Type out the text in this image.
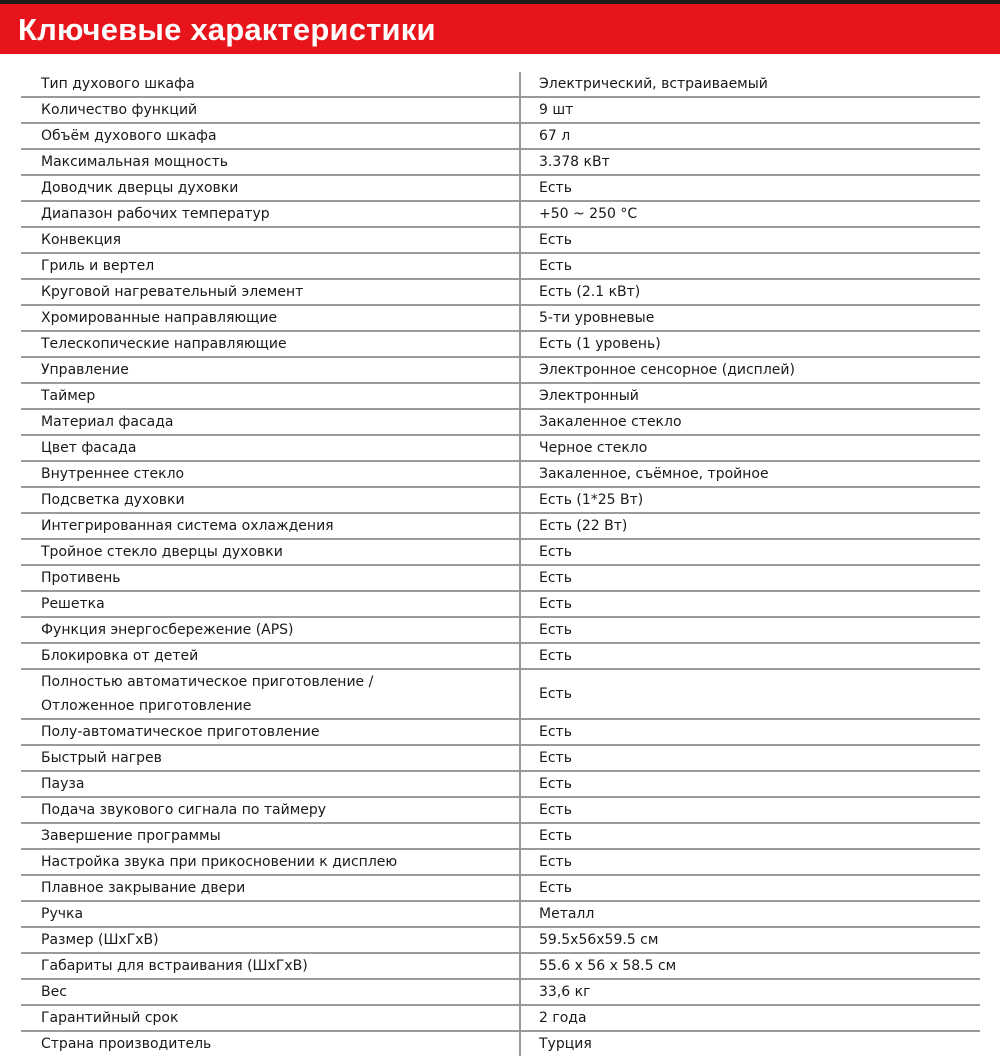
Ключевые характеристики
Тип духового шкафа	Электрический, встраиваемый

Количество функций	9 шт

Объём духового шкафа	67 л

Максимальная мощность	3.378 кВт

Доводчик дверцы духовки	Есть

Диапазон рабочих температур	+50 ~ 250 °C

Конвекция	Есть

Гриль и вертел	Есть

Круговой нагревательный элемент	Есть (2.1 кВт)

Хромированные направляющие	5-ти уровневые

Телескопические направляющие	Есть (1 уровень)

Управление	Электронное сенсорное (дисплей)

Таймер	Электронный

Материал фасада	Закаленное стекло

Цвет фасада	Черное стекло

Внутреннее стекло	Закаленное, съёмное, тройное

Подсветка духовки	Есть (1*25 Вт)

Интегрированная система охлаждения	Есть (22 Вт)

Тройное стекло дверцы духовки	Есть

Противень	Есть

Решетка	Есть

Функция энергосбережение (APS)	Есть

Блокировка от детей	Есть

Полностью автоматическое приготовление /
Отложенное приготовление	Есть

Полу-автоматическое приготовление	Есть

Быстрый нагрев	Есть

Пауза	Есть

Подача звукового сигнала по таймеру	Есть

Завершение программы	Есть

Настройка звука при прикосновении к дисплею	Есть

Плавное закрывание двери	Есть

Ручка	Металл

Размер (ШхГхВ)	59.5x56x59.5 см

Габариты для встраивания (ШхГхВ)	55.6 x 56 x 58.5 см

Вес	33,6 кг

Гарантийный срок	2 года

Страна производитель	Турция
